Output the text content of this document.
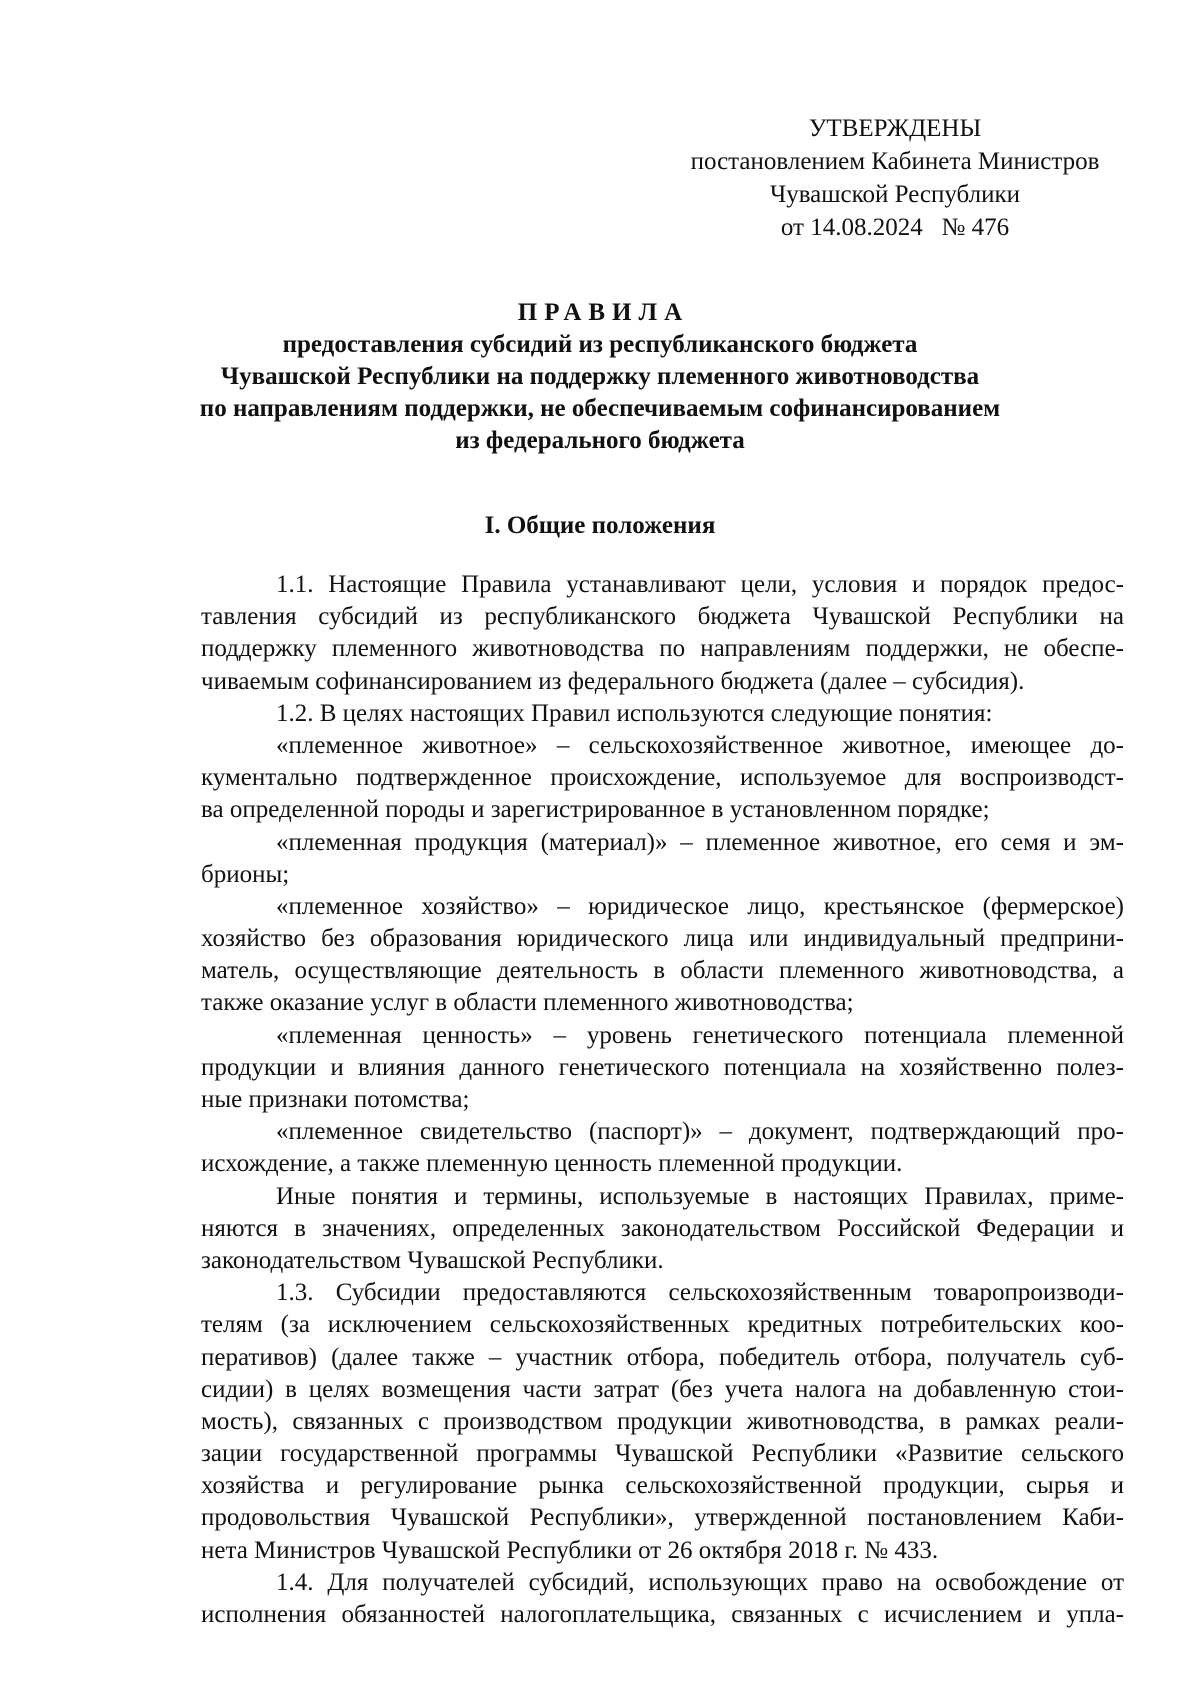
УТВЕРЖДЕНЫ
постановлением Кабинета Министров
Чувашской Республики
от 14.08.2024   № 476
ПРАВИЛА
предоставления субсидий из республиканского бюджета
Чувашской Республики на поддержку племенного животноводства
по направлениям поддержки, не обеспечиваемым софинансированием
из федерального бюджета
I. Общие положения
1.1. Настоящие Правила устанавливают цели, условия и порядок предос-
тавления субсидий из республиканского бюджета Чувашской Республики на
поддержку племенного животноводства по направлениям поддержки, не обеспе-
чиваемым софинансированием из федерального бюджета (далее – субсидия).
1.2. В целях настоящих Правил используются следующие понятия:
«племенное животное» – сельскохозяйственное животное, имеющее до-
кументально подтвержденное происхождение, используемое для воспроизводст-
ва определенной породы и зарегистрированное в установленном порядке;
«племенная продукция (материал)» – племенное животное, его семя и эм-
брионы;
«племенное хозяйство» – юридическое лицо, крестьянское (фермерское)
хозяйство без образования юридического лица или индивидуальный предприни-
матель, осуществляющие деятельность в области племенного животноводства, а
также оказание услуг в области племенного животноводства;
«племенная ценность» – уровень генетического потенциала племенной
продукции и влияния данного генетического потенциала на хозяйственно полез-
ные признаки потомства;
«племенное свидетельство (паспорт)» – документ, подтверждающий про-
исхождение, а также племенную ценность племенной продукции.
Иные понятия и термины, используемые в настоящих Правилах, приме-
няются в значениях, определенных законодательством Российской Федерации и
законодательством Чувашской Республики.
1.3. Субсидии предоставляются сельскохозяйственным товаропроизводи-
телям (за исключением сельскохозяйственных кредитных потребительских коо-
перативов) (далее также – участник отбора, победитель отбора, получатель суб-
сидии) в целях возмещения части затрат (без учета налога на добавленную стои-
мость), связанных с производством продукции животноводства, в рамках реали-
зации государственной программы Чувашской Республики «Развитие сельского
хозяйства и регулирование рынка сельскохозяйственной продукции, сырья и
продовольствия Чувашской Республики», утвержденной постановлением Каби-
нета Министров Чувашской Республики от 26 октября 2018 г. № 433.
1.4. Для получателей субсидий, использующих право на освобождение от
исполнения обязанностей налогоплательщика, связанных с исчислением и упла-
